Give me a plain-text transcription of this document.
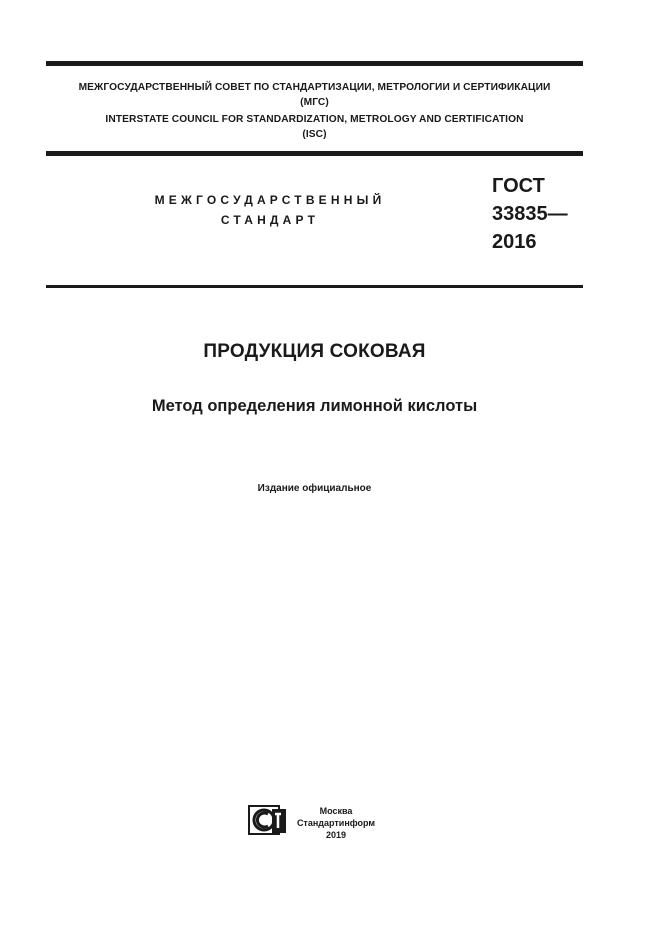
МЕЖГОСУДАРСТВЕННЫЙ СОВЕТ ПО СТАНДАРТИЗАЦИИ, МЕТРОЛОГИИ И СЕРТИФИКАЦИИ
(МГС)
INTERSTATE COUNCIL FOR STANDARDIZATION, METROLOGY AND CERTIFICATION
(ISC)
МЕЖГОСУДАРСТВЕННЫЙ
СТАНДАРТ
ГОСТ
33835—
2016
ПРОДУКЦИЯ СОКОВАЯ
Метод определения лимонной кислоты
Издание официальное
Москва
Стандартинформ
2019
